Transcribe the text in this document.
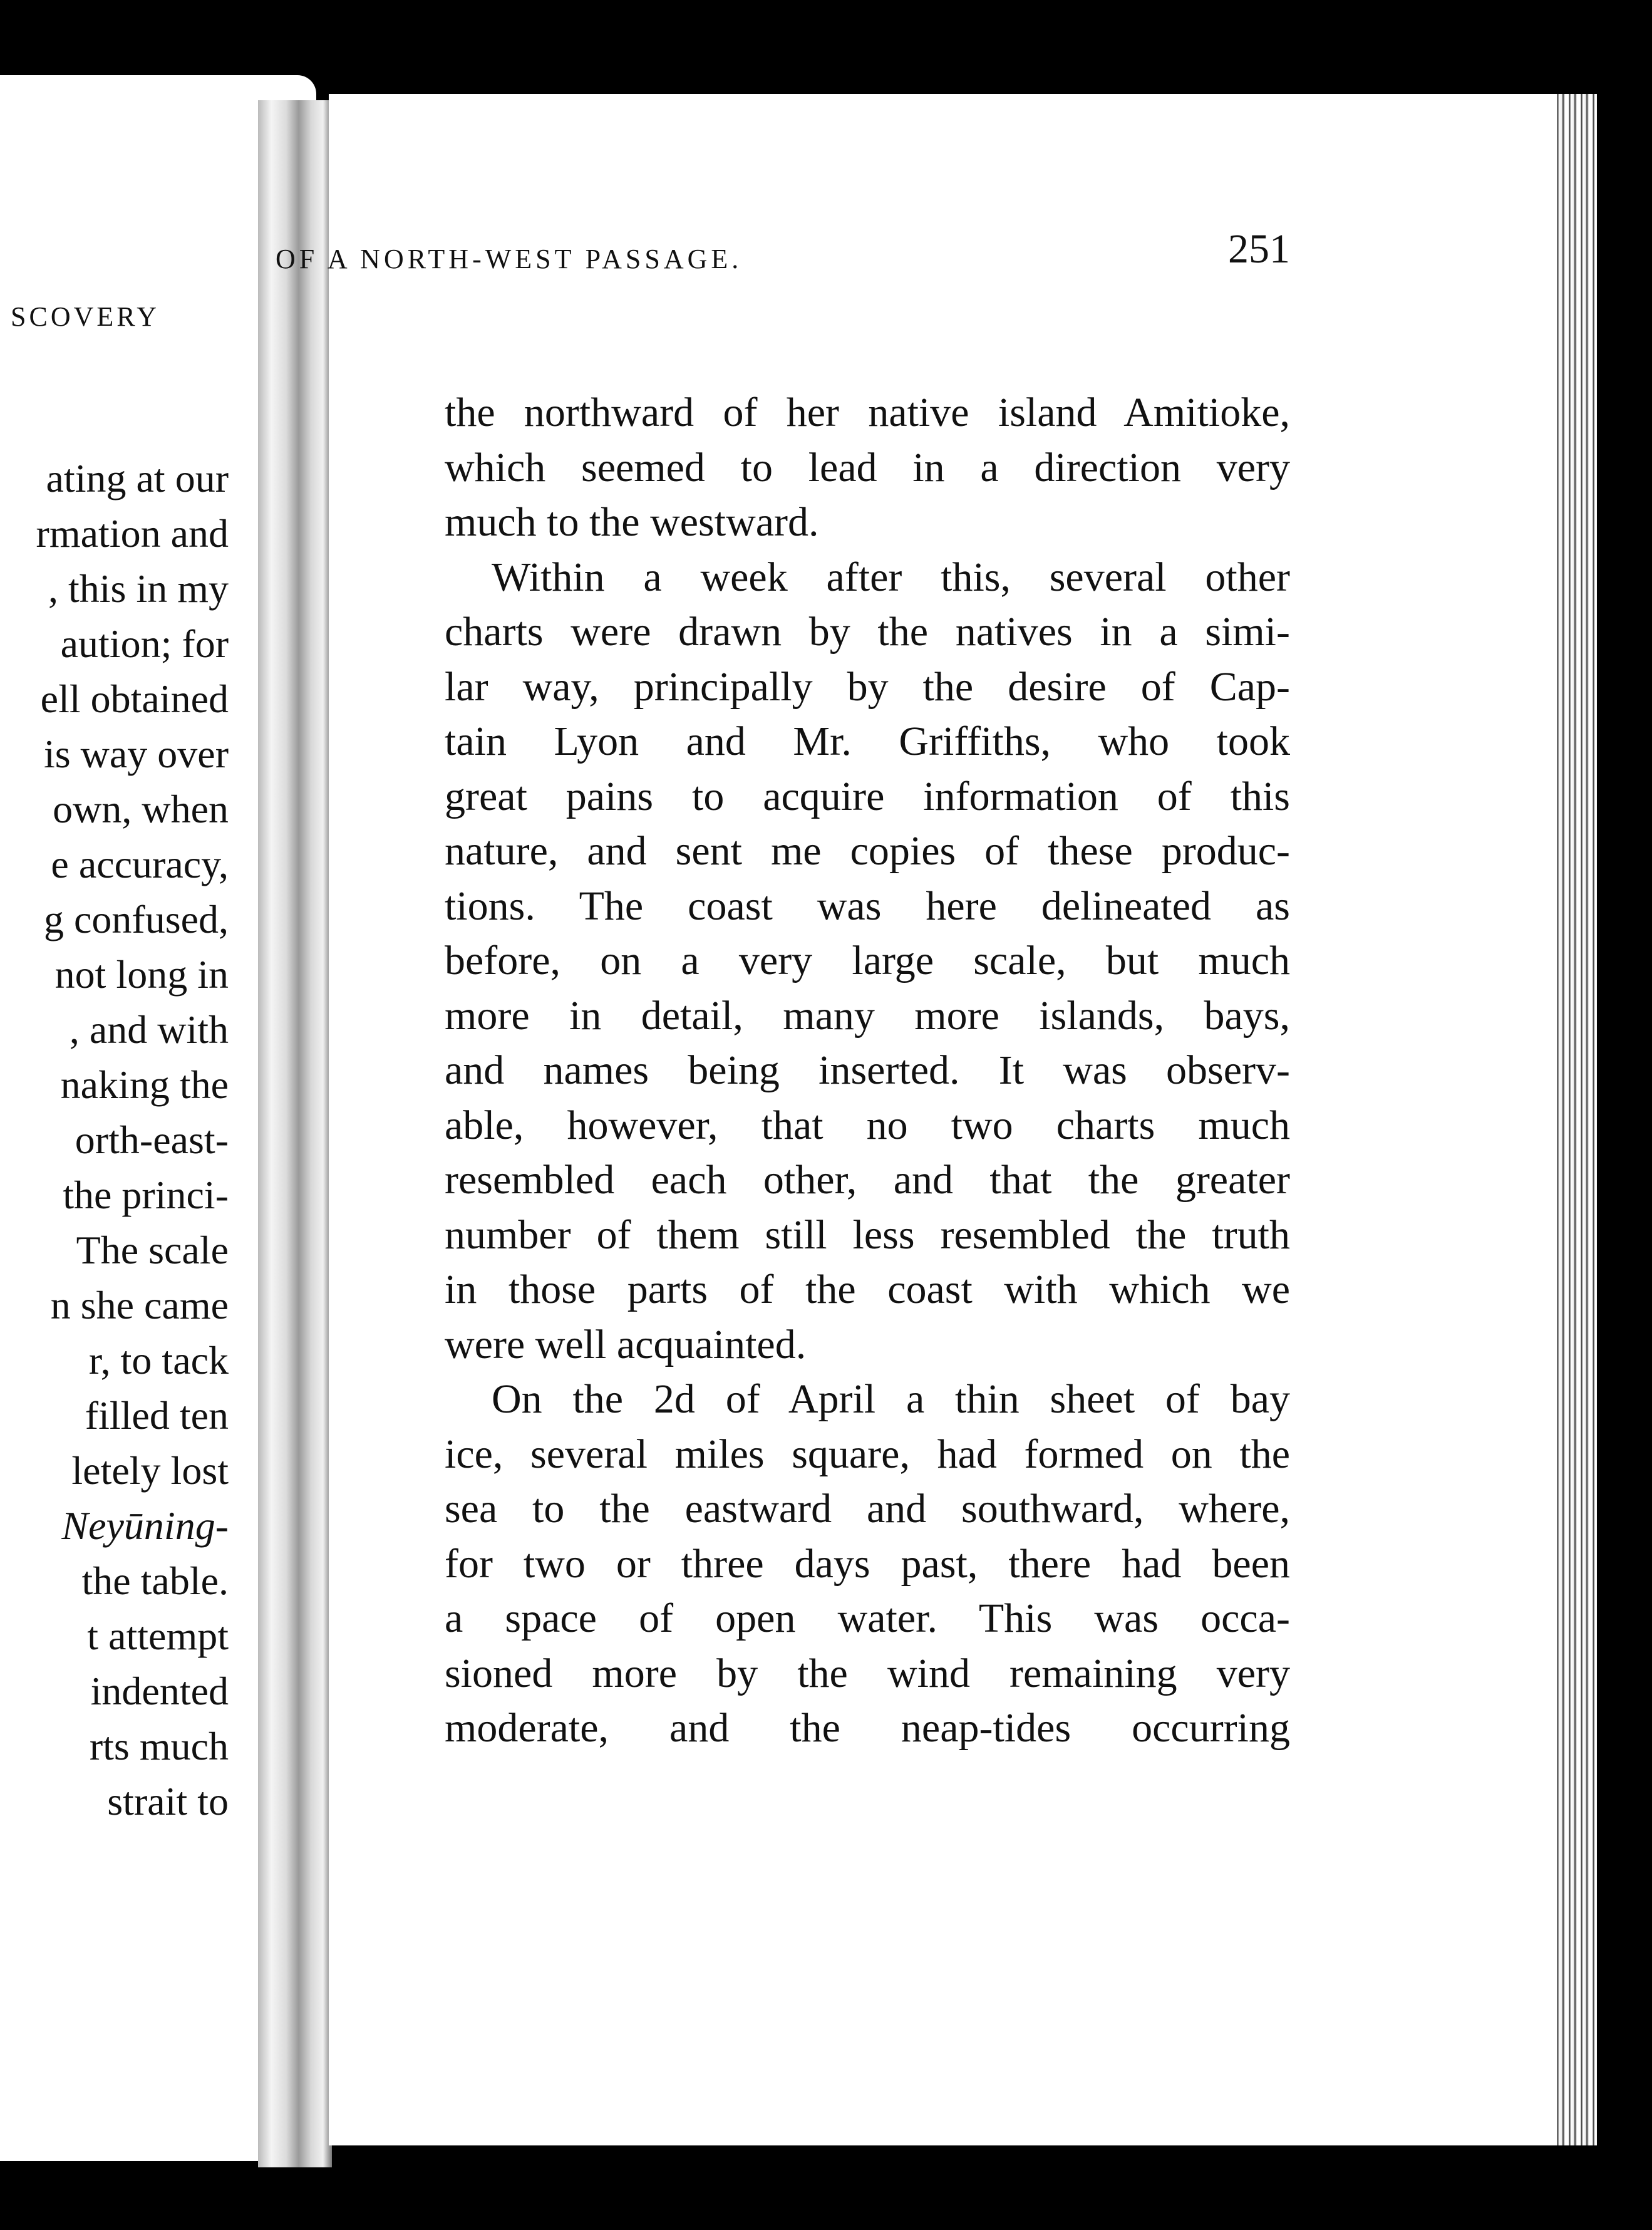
SCOVERY
ating at our
rmation and
, this in my
aution; for
ell obtained
is way over
own, when
e accuracy,
g confused,
not long in
, and with
naking the
orth-east-
the princi-
The scale
n she came
r, to tack
filled ten
letely lost
Neyūning-
the table.
t attempt
indented
rts much
strait to
OF A NORTH-WEST PASSAGE.	251
the northward of her native island Amitioke,
which seemed to lead in a direction very
much to the westward.
Within a week after this, several other
charts were drawn by the natives in a simi-
lar way, principally by the desire of Cap-
tain Lyon and Mr. Griffiths, who took
great pains to acquire information of this
nature, and sent me copies of these produc-
tions. The coast was here delineated as
before, on a very large scale, but much
more in detail, many more islands, bays,
and names being inserted. It was observ-
able, however, that no two charts much
resembled each other, and that the greater
number of them still less resembled the truth
in those parts of the coast with which we
were well acquainted.
On the 2d of April a thin sheet of bay
ice, several miles square, had formed on the
sea to the eastward and southward, where,
for two or three days past, there had been
a space of open water. This was occa-
sioned more by the wind remaining very
moderate, and the neap-tides occurring
